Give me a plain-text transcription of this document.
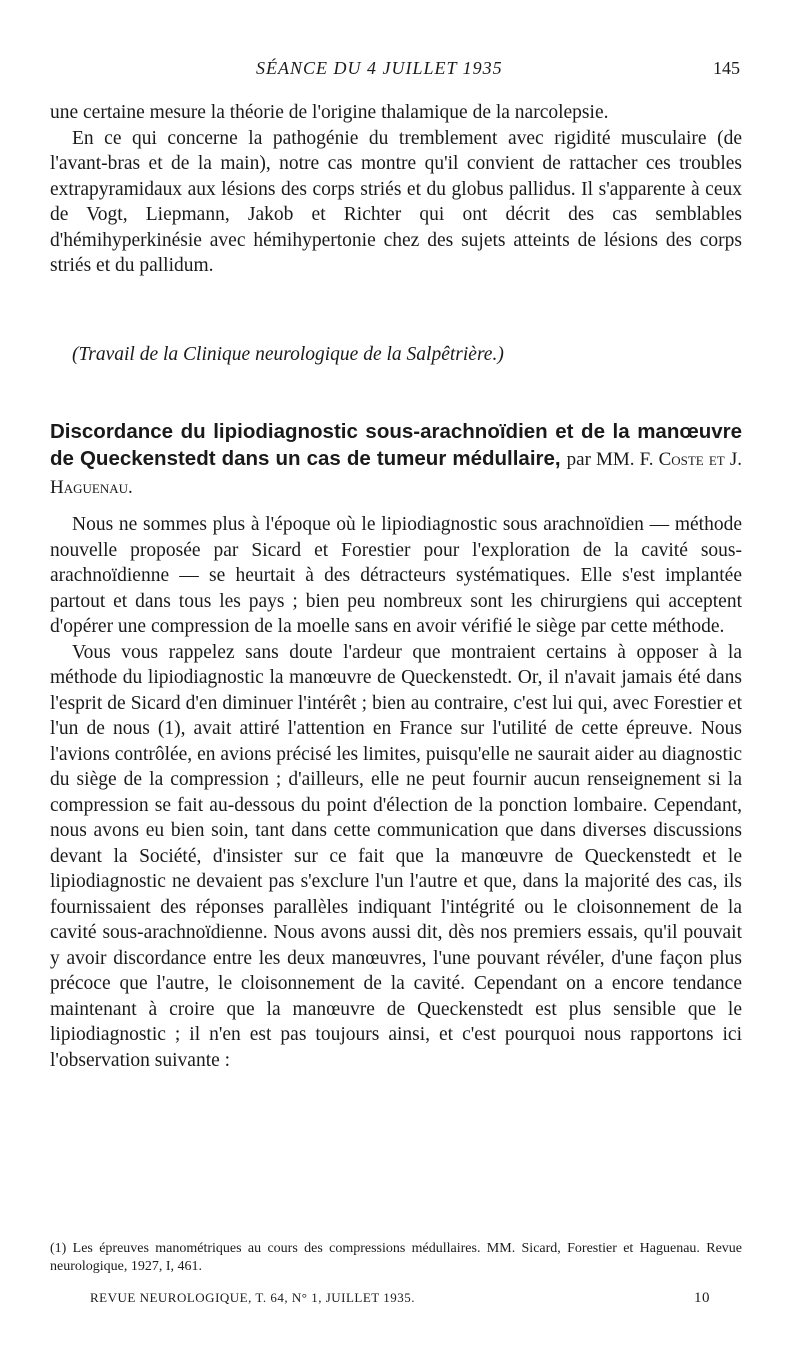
SÉANCE DU 4 JUILLET 1935	145

une certaine mesure la théorie de l'origine thalamique de la narcolepsie.

En ce qui concerne la pathogénie du tremblement avec rigidité musculaire (de l'avant-bras et de la main), notre cas montre qu'il convient de rattacher ces troubles extrapyramidaux aux lésions des corps striés et du globus pallidus. Il s'apparente à ceux de Vogt, Liepmann, Jakob et Richter qui ont décrit des cas semblables d'hémihyperkinésie avec hémihypertonie chez des sujets atteints de lésions des corps striés et du pallidum.

(Travail de la Clinique neurologique de la Salpêtrière.)
Discordance du lipiodiagnostic sous-arachnoïdien et de la manœuvre de Queckenstedt dans un cas de tumeur médullaire, par MM. F. Coste et J. Haguenau.

Nous ne sommes plus à l'époque où le lipiodiagnostic sous arachnoïdien — méthode nouvelle proposée par Sicard et Forestier pour l'exploration de la cavité sous-arachnoïdienne — se heurtait à des détracteurs systématiques. Elle s'est implantée partout et dans tous les pays ; bien peu nombreux sont les chirurgiens qui acceptent d'opérer une compression de la moelle sans en avoir vérifié le siège par cette méthode.

Vous vous rappelez sans doute l'ardeur que montraient certains à opposer à la méthode du lipiodiagnostic la manœuvre de Queckenstedt. Or, il n'avait jamais été dans l'esprit de Sicard d'en diminuer l'intérêt ; bien au contraire, c'est lui qui, avec Forestier et l'un de nous (1), avait attiré l'attention en France sur l'utilité de cette épreuve. Nous l'avions contrôlée, en avions précisé les limites, puisqu'elle ne saurait aider au diagnostic du siège de la compression ; d'ailleurs, elle ne peut fournir aucun renseignement si la compression se fait au-dessous du point d'élection de la ponction lombaire. Cependant, nous avons eu bien soin, tant dans cette communication que dans diverses discussions devant la Société, d'insister sur ce fait que la manœuvre de Queckenstedt et le lipiodiagnostic ne devaient pas s'exclure l'un l'autre et que, dans la majorité des cas, ils fournissaient des réponses parallèles indiquant l'intégrité ou le cloisonnement de la cavité sous-arachnoïdienne. Nous avons aussi dit, dès nos premiers essais, qu'il pouvait y avoir discordance entre les deux manœuvres, l'une pouvant révéler, d'une façon plus précoce que l'autre, le cloisonnement de la cavité. Cependant on a encore tendance maintenant à croire que la manœuvre de Queckenstedt est plus sensible que le lipiodiagnostic ; il n'en est pas toujours ainsi, et c'est pourquoi nous rapportons ici l'observation suivante :

(1) Les épreuves manométriques au cours des compressions médullaires. MM. Sicard, Forestier et Haguenau. Revue neurologique, 1927, I, 461.
REVUE NEUROLOGIQUE, T. 64, N° 1, JUILLET 1935.	10
